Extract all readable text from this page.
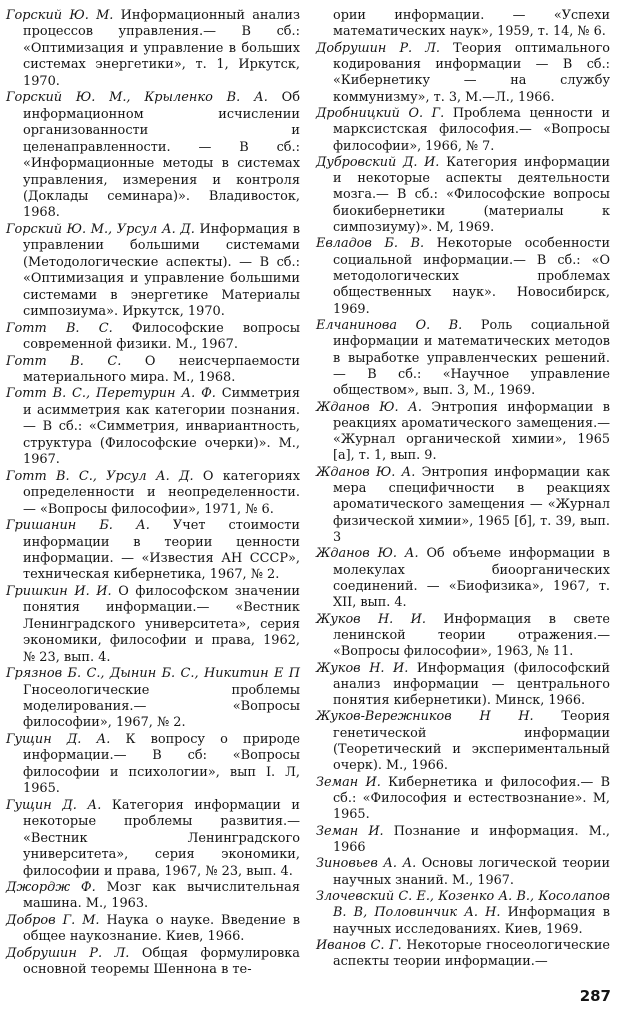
Горский Ю. М. Информационный анализ процессов управления.— В сб.: «Оптимизация и управление в больших системах энергетики», т. 1, Иркутск, 1970.

Горский Ю. М., Крыленко В. А. Об информационном исчислении организованности и целенаправленности. — В сб.: «Информационные методы в системах управления, измерения и контроля (Доклады семинара)». Владивосток, 1968.

Горский Ю. М., Урсул А. Д. Информация в управлении большими системами (Методологические аспекты). — В сб.: «Оптимизация и управление большими системами в энергетике Материалы симпозиума». Иркутск, 1970.

Готт В. С. Философские вопросы современной физики. М., 1967.

Готт В. С. О неисчерпаемости материального мира. М., 1968.

Готт В. С., Перетурин А. Ф. Симметрия и асимметрия как категории познания. — В сб.: «Симметрия, инвариантность, структура (Философские очерки)». М., 1967.

Готт В. С., Урсул А. Д. О категориях определенности и неопределенности. — «Вопросы философии», 1971, № 6.

Гришанин Б. А. Учет стоимости информации в теории ценности информации. — «Известия АН СССР», техническая кибернетика, 1967, № 2.

Гришкин И. И. О философском значении понятия информации.— «Вестник Ленинградского университета», серия экономики, философии и права, 1962, № 23, вып. 4.

Грязнов Б. С., Дынин Б. С., Никитин Е П Гносеологические проблемы моделирования.— «Вопросы философии», 1967, № 2.

Гущин Д. А. К вопросу о природе информации.— В сб: «Вопросы философии и психологии», вып I. Л, 1965.

Гущин Д. А. Категория информации и некоторые проблемы развития.— «Вестник Ленинградского университета», серия экономики, философии и права, 1967, № 23, вып. 4.

Джордж Ф. Мозг как вычислительная машина. М., 1963.

Добров Г. М. Наука о науке. Введение в общее наукознание. Киев, 1966.

Добрушин Р. Л. Общая формулировка основной теоремы Шеннона в те-

ории информации. — «Успехи математических наук», 1959, т. 14, № 6.

Добрушин Р. Л. Теория оптимального кодирования информации — В сб.: «Кибернетику — на службу коммунизму», т. 3, М.—Л., 1966.

Дробницкий О. Г. Проблема ценности и марксистская философия.— «Вопросы философии», 1966, № 7.

Дубровский Д. И. Категория информации и некоторые аспекты деятельности мозга.— В сб.: «Философские вопросы биокибернетики (материалы к симпозиуму)». М, 1969.

Евладов Б. В. Некоторые особенности социальной информации.— В сб.: «О методологических проблемах общественных наук». Новосибирск, 1969.

Елчанинова О. В. Роль социальной информации и математических методов в выработке управленческих решений.— В сб.: «Научное управление обществом», вып. 3, М., 1969.

Жданов Ю. А. Энтропия информации в реакциях ароматического замещения.— «Журнал органической химии», 1965 [a], т. 1, вып. 9.

Жданов Ю. А. Энтропия информации как мера специфичности в реакциях ароматического замещения — «Журнал физической химии», 1965 [б], т. 39, вып. 3

Жданов Ю. А. Об объеме информации в молекулах биоорганических соединений. — «Биофизика», 1967, т. XII, вып. 4.

Жуков Н. И. Информация в свете ленинской теории отражения.— «Вопросы философии», 1963, № 11.

Жуков Н. И. Информация (философский анализ информации — центрального понятия кибернетики). Минск, 1966.

Жуков-Вережников Н Н. Теория генетической информации (Теоретический и экспериментальный очерк). М., 1966.

Земан И. Кибернетика и философия.— В сб.: «Философия и естествознание». М, 1965.

Земан И. Познание и информация. М., 1966

Зиновьев А. А. Основы логической теории научных знаний. М., 1967.

Злочевский С. Е., Козенко А. В., Косолапов В. В, Половинчик А. Н. Информация в научных исследованиях. Киев, 1969.

Иванов С. Г. Некоторые гносеологические аспекты теории информации.—

287
